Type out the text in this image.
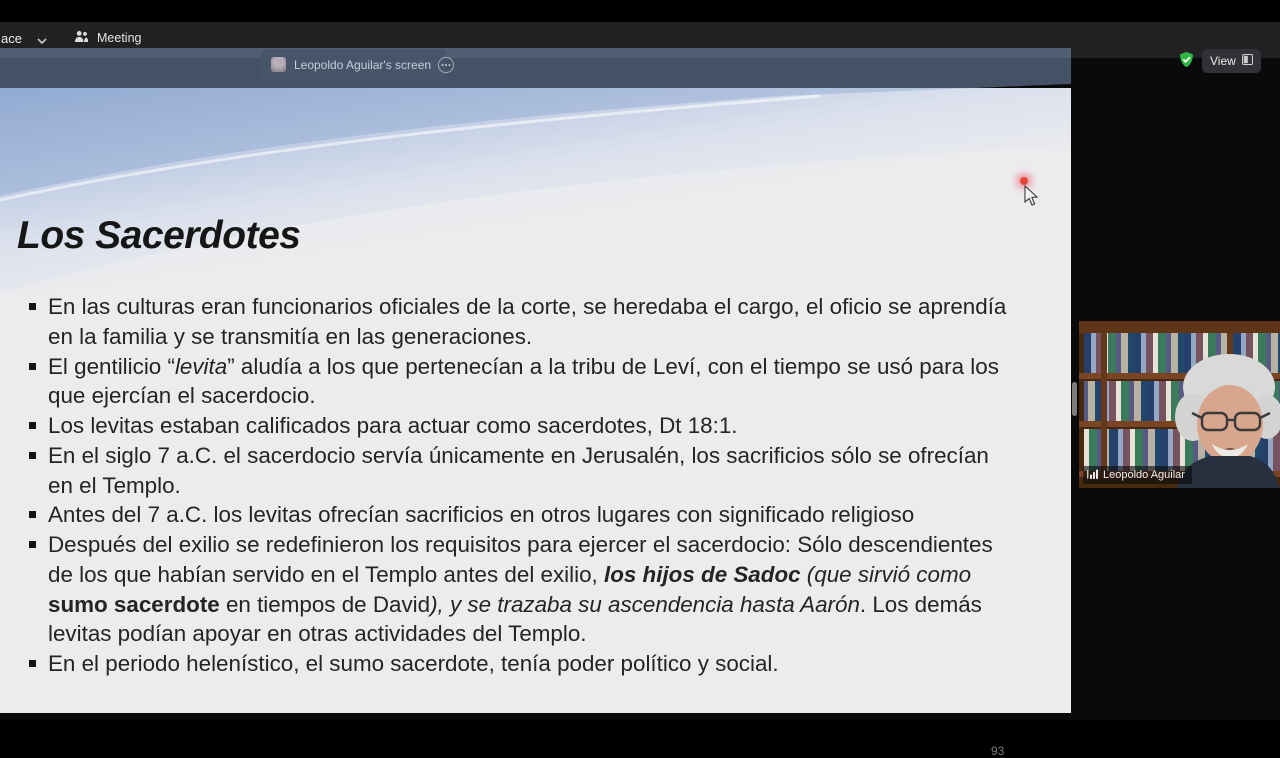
ace	Meeting
Leopoldo Aguilar's screen	View
Los Sacerdotes
En las culturas eran funcionarios oficiales de la corte, se heredaba el cargo, el oficio se aprendía en la familia y se transmitía en las generaciones.
El gentilicio “levita” aludía a los que pertenecían a la tribu de Leví, con el tiempo se usó para los que ejercían el sacerdocio.
Los levitas estaban calificados para actuar como sacerdotes, Dt 18:1.
En el siglo 7 a.C. el sacerdocio servía únicamente en Jerusalén, los sacrificios sólo se ofrecían en el Templo.
Antes del 7 a.C. los levitas ofrecían sacrificios en otros lugares con significado religioso
Después del exilio se redefinieron los requisitos para ejercer el sacerdocio: Sólo descendientes de los que habían servido en el Templo antes del exilio, los hijos de Sadoc (que sirvió como sumo sacerdote en tiempos de David), y se trazaba su ascendencia hasta Aarón. Los demás levitas podían apoyar en otras actividades del Templo.
En el periodo helenístico, el sumo sacerdote, tenía poder político y social.
93
Leopoldo Aguilar
